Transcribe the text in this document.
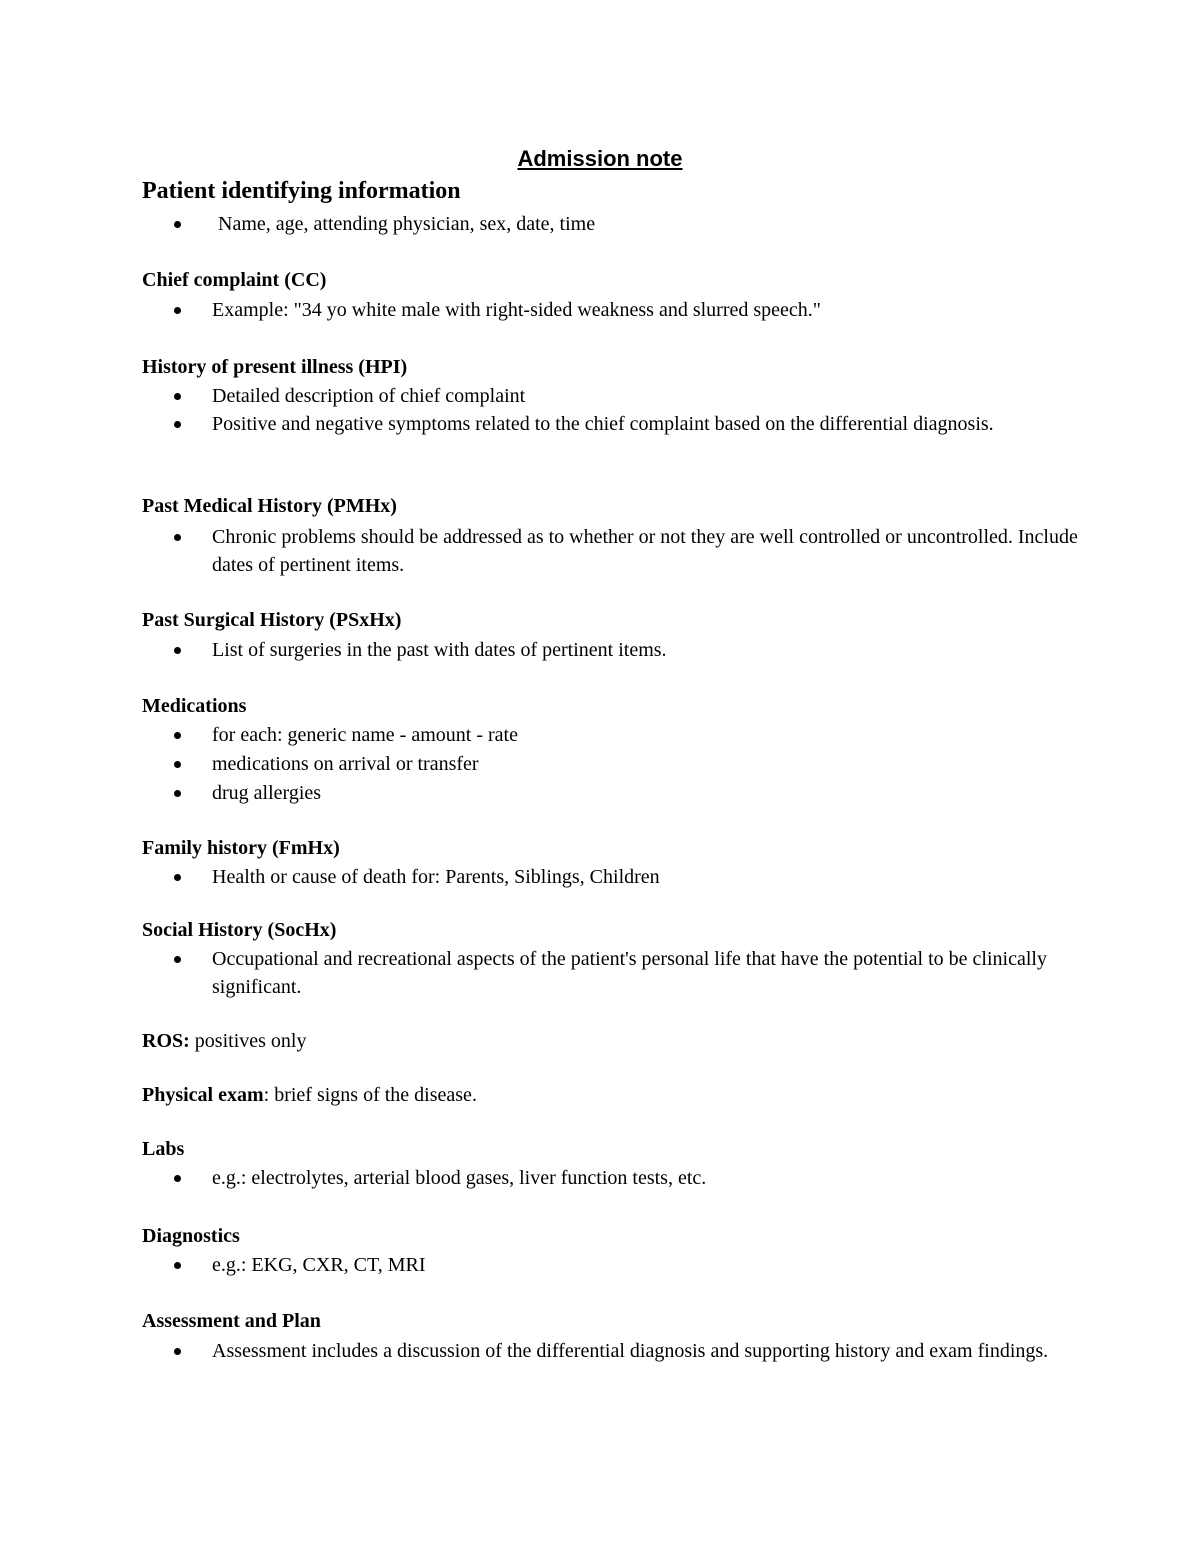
Admission note
Patient identifying information
Name, age, attending physician, sex, date, time
Chief complaint (CC)
Example: "34 yo white male with right-sided weakness and slurred speech."
History of present illness (HPI)
Detailed description of chief complaint
Positive and negative symptoms related to the chief complaint based on the differential diagnosis.
Past Medical History (PMHx)
Chronic problems should be addressed as to whether or not they are well controlled or uncontrolled. Include dates of pertinent items.
Past Surgical History (PSxHx)
List of surgeries in the past with dates of pertinent items.
Medications
for each: generic name - amount - rate
medications on arrival or transfer
drug allergies
Family history (FmHx)
Health or cause of death for: Parents, Siblings, Children
Social History (SocHx)
Occupational and recreational aspects of the patient's personal life that have the potential to be clinically significant.
ROS: positives only
Physical exam: brief signs of the disease.
Labs
e.g.: electrolytes, arterial blood gases, liver function tests, etc.
Diagnostics
e.g.: EKG, CXR, CT, MRI
Assessment and Plan
Assessment includes a discussion of the differential diagnosis and supporting history and exam findings.
